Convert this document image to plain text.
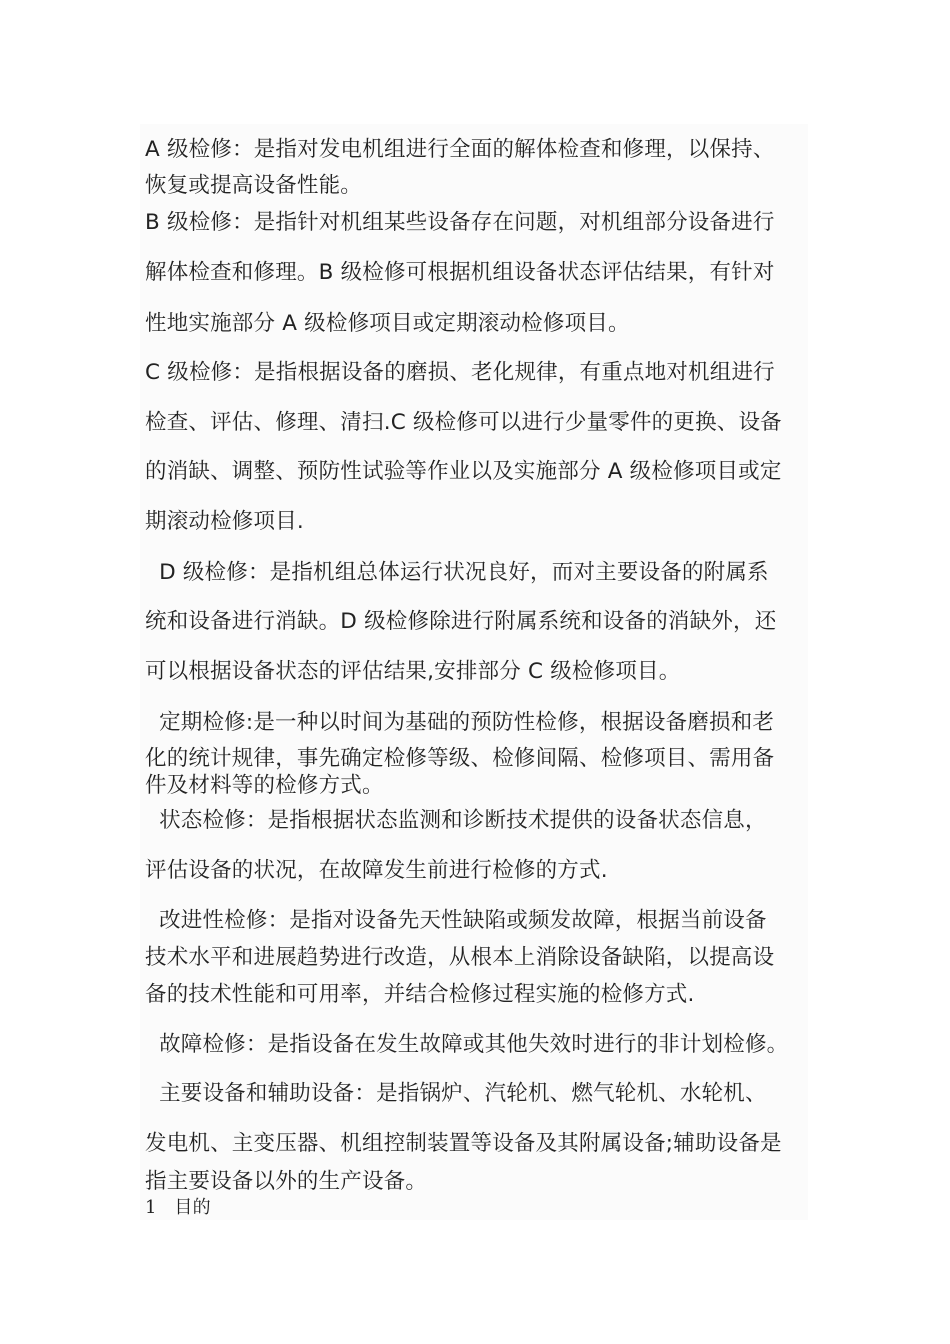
A 级检修：是指对发电机组进行全面的解体检查和修理，以保持、
恢复或提高设备性能。
B 级检修：是指针对机组某些设备存在问题，对机组部分设备进行
解体检查和修理。B 级检修可根据机组设备状态评估结果，有针对
性地实施部分 A 级检修项目或定期滚动检修项目。
C 级检修：是指根据设备的磨损、老化规律，有重点地对机组进行
检查、评估、修理、清扫.C 级检修可以进行少量零件的更换、设备
的消缺、调整、预防性试验等作业以及实施部分 A 级检修项目或定
期滚动检修项目.
D 级检修：是指机组总体运行状况良好，而对主要设备的附属系
统和设备进行消缺。D 级检修除进行附属系统和设备的消缺外，还
可以根据设备状态的评估结果,安排部分 C 级检修项目。
定期检修:是一种以时间为基础的预防性检修，根据设备磨损和老
化的统计规律，事先确定检修等级、检修间隔、检修项目、需用备
件及材料等的检修方式。
状态检修：是指根据状态监测和诊断技术提供的设备状态信息，
评估设备的状况，在故障发生前进行检修的方式.
改进性检修：是指对设备先天性缺陷或频发故障，根据当前设备
技术水平和进展趋势进行改造，从根本上消除设备缺陷，以提高设
备的技术性能和可用率，并结合检修过程实施的检修方式.
故障检修：是指设备在发生故障或其他失效时进行的非计划检修。
主要设备和辅助设备：是指锅炉、汽轮机、燃气轮机、水轮机、
发电机、主变压器、机组控制装置等设备及其附属设备;辅助设备是
指主要设备以外的生产设备。
1   目的
